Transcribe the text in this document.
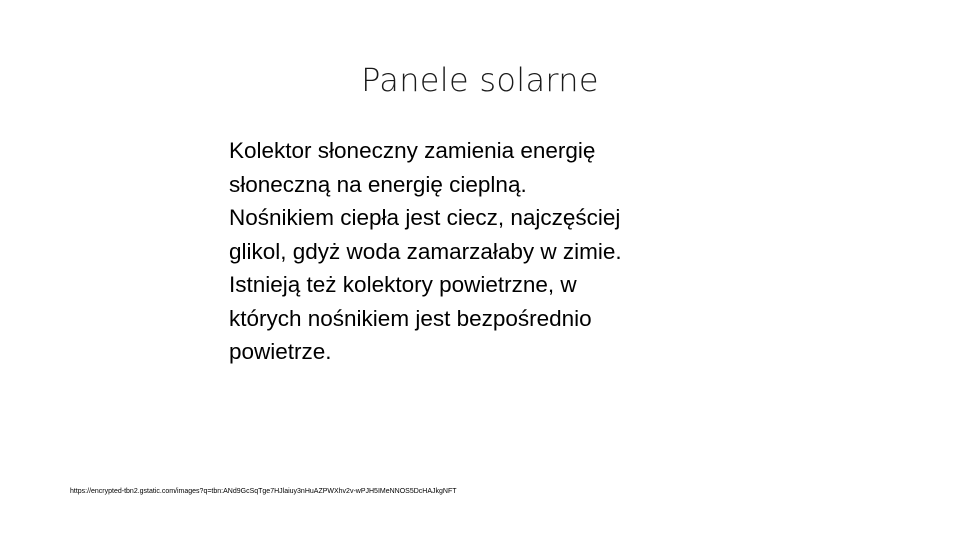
Panele solarne
Kolektor słoneczny zamienia energię
słoneczną na energię cieplną.
Nośnikiem ciepła jest ciecz, najczęściej
glikol, gdyż woda zamarzałaby w zimie.
Istnieją też kolektory powietrzne, w
których nośnikiem jest bezpośrednio
powietrze.
https://encrypted-tbn2.gstatic.com/images?q=tbn:ANd9GcSqTge7HJlaiuy3nHuAZPWXhv2v-wPJH5IMeNNOS5DcHAJkgNFT
